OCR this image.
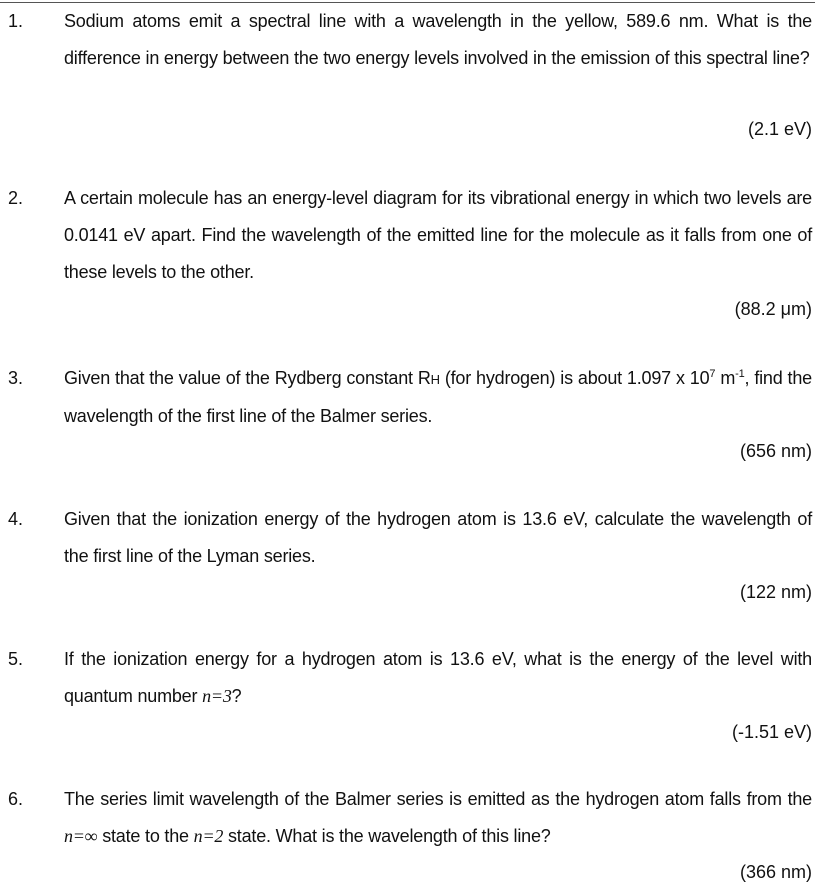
1. Sodium atoms emit a spectral line with a wavelength in the yellow, 589.6 nm. What is the difference in energy between the two energy levels involved in the emission of this spectral line?
(2.1 eV)
2. A certain molecule has an energy-level diagram for its vibrational energy in which two levels are 0.0141 eV apart. Find the wavelength of the emitted line for the molecule as it falls from one of these levels to the other.
(88.2 μm)
3. Given that the value of the Rydberg constant RH (for hydrogen) is about 1.097 x $10^7$ $m^{-1}$, find the wavelength of the first line of the Balmer series.
(656 nm)
4. Given that the ionization energy of the hydrogen atom is 13.6 eV, calculate the wavelength of the first line of the Lyman series.
(122 nm)
5. If the ionization energy for a hydrogen atom is 13.6 eV, what is the energy of the level with quantum number n=3?
(-1.51 eV)
6. The series limit wavelength of the Balmer series is emitted as the hydrogen atom falls from the n=∞ state to the n=2 state. What is the wavelength of this line?
(366 nm)
